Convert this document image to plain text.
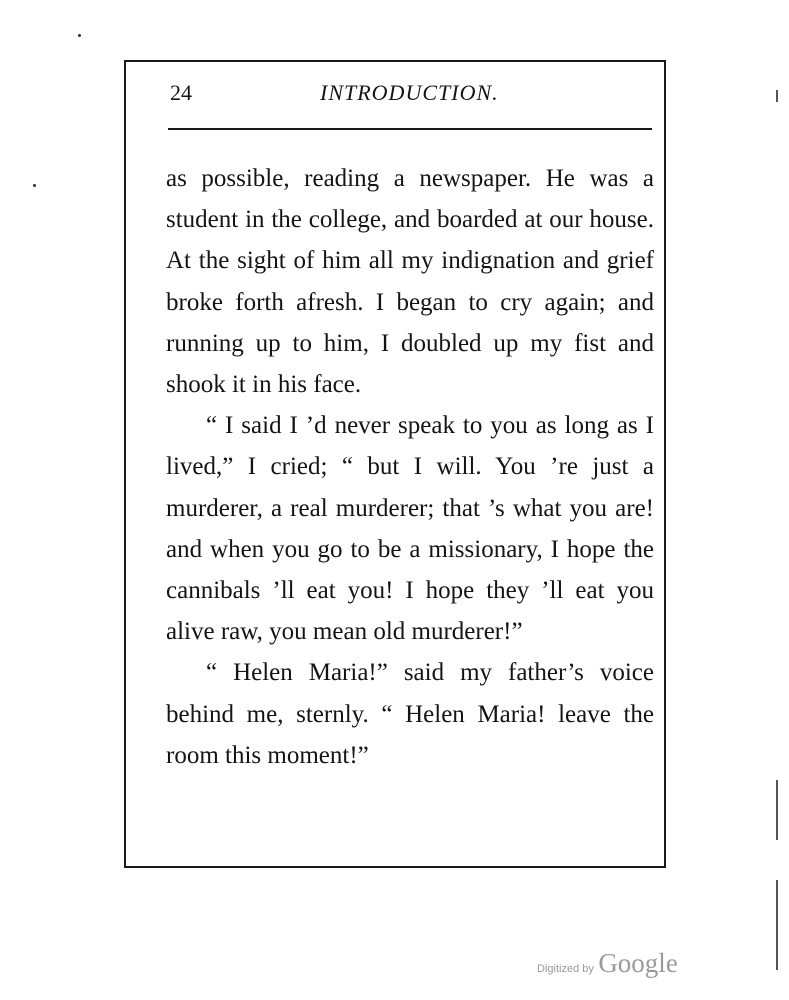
24	INTRODUCTION.

as possible, reading a newspaper. He was a student in the college, and boarded at our house. At the sight of him all my indignation and grief broke forth afresh. I began to cry again; and running up to him, I doubled up my fist and shook it in his face.

“ I said I ’d never speak to you as long as I lived,” I cried; “ but I will. You ’re just a murderer, a real murderer; that ’s what you are! and when you go to be a missionary, I hope the cannibals ’ll eat you! I hope they ’ll eat you alive raw, you mean old murderer!”

“ Helen Maria!” said my father’s voice behind me, sternly. “ Helen Maria! leave the room this moment!”

Digitized by Google
